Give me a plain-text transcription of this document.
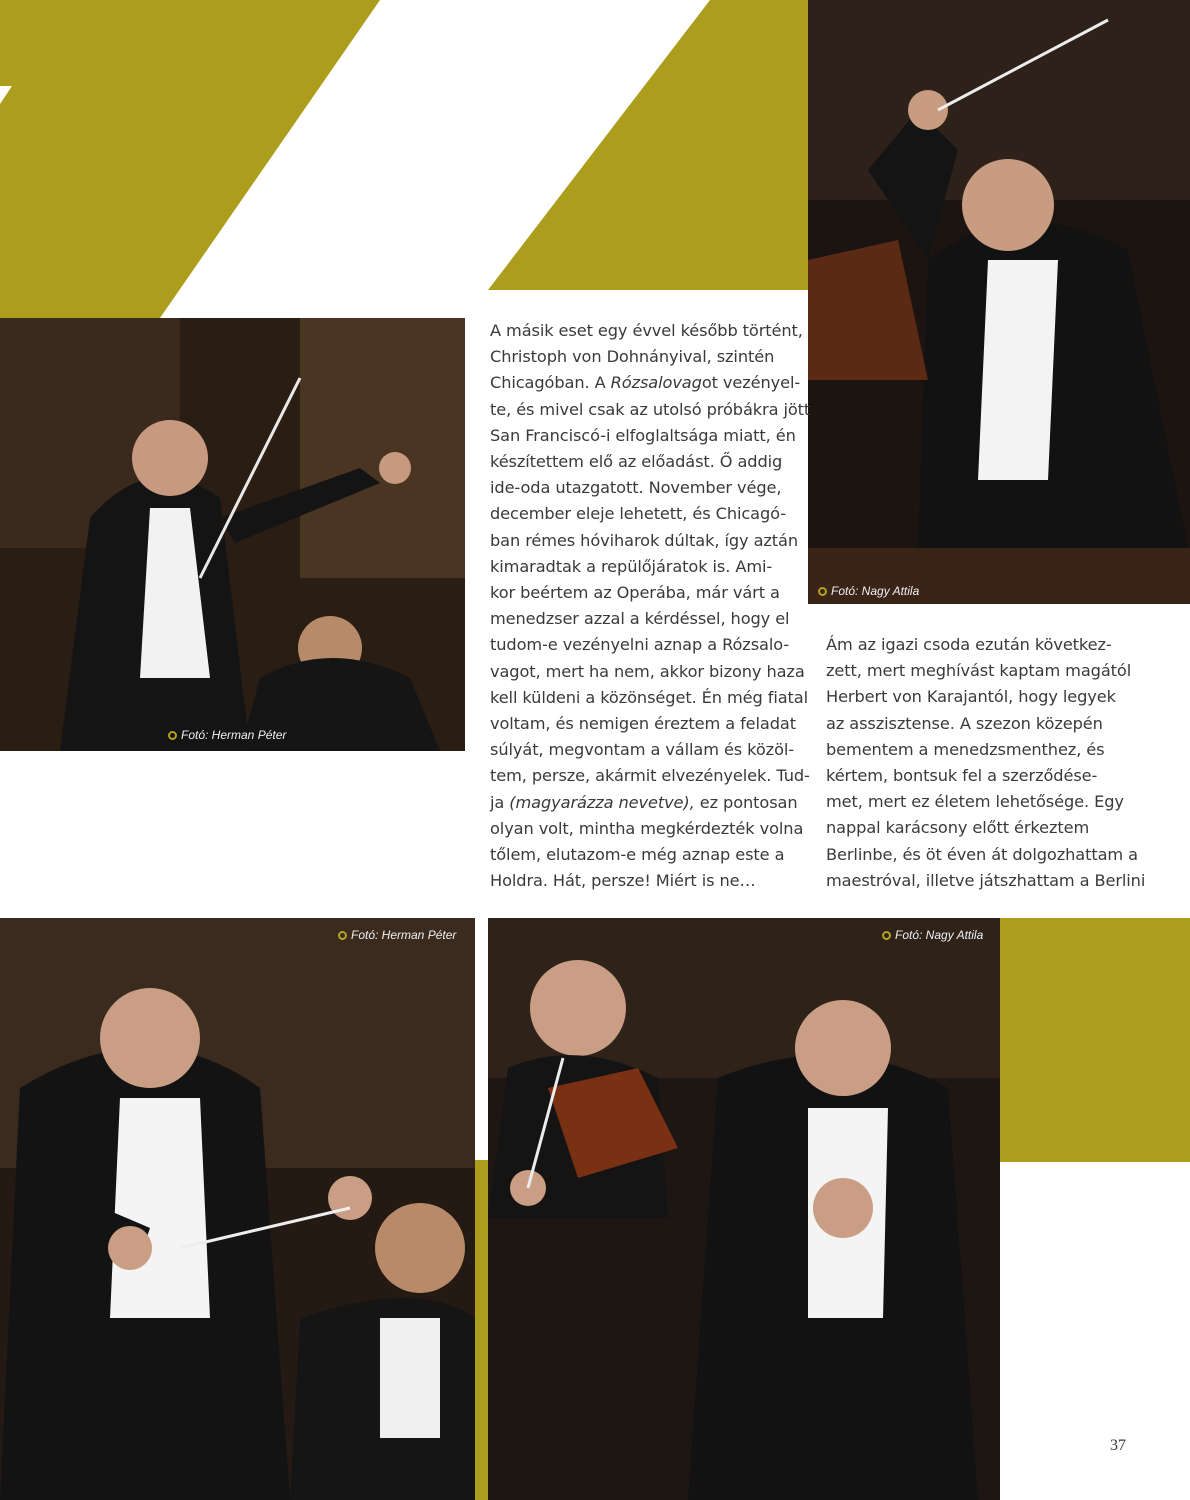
Fotó: Herman Péter
Fotó: Nagy Attila
Fotó: Herman Péter	Fotó: Nagy Attila
A másik eset egy évvel később történt,
Christoph von Dohnányival, szintén
Chicagóban. A Rózsalovagot vezényel-
te, és mivel csak az utolsó próbákra jött
San Franciscó-i elfoglaltsága miatt, én
készítettem elő az előadást. Ő addig
ide-oda utazgatott. November vége,
december eleje lehetett, és Chicagó-
ban rémes hóviharok dúltak, így aztán
kimaradtak a repülőjáratok is. Ami-
kor beértem az Operába, már várt a
menedzser azzal a kérdéssel, hogy el
tudom-e vezényelni aznap a Rózsalo-
vagot, mert ha nem, akkor bizony haza
kell küldeni a közönséget. Én még fiatal
voltam, és nemigen éreztem a feladat
súlyát, megvontam a vállam és közöl-
tem, persze, akármit elvezényelek. Tud-
ja (magyarázza nevetve), ez pontosan
olyan volt, mintha megkérdezték volna
tőlem, elutazom-e még aznap este a
Holdra. Hát, persze! Miért is ne…
Ám az igazi csoda ezután következ-
zett, mert meghívást kaptam magától
Herbert von Karajantól, hogy legyek
az asszisztense. A szezon közepén
bementem a menedzsmenthez, és
kértem, bontsuk fel a szerződése-
met, mert ez életem lehetősége. Egy
nappal karácsony előtt érkeztem
Berlinbe, és öt éven át dolgozhattam a
maestróval, illetve játszhattam a Berlini
37
